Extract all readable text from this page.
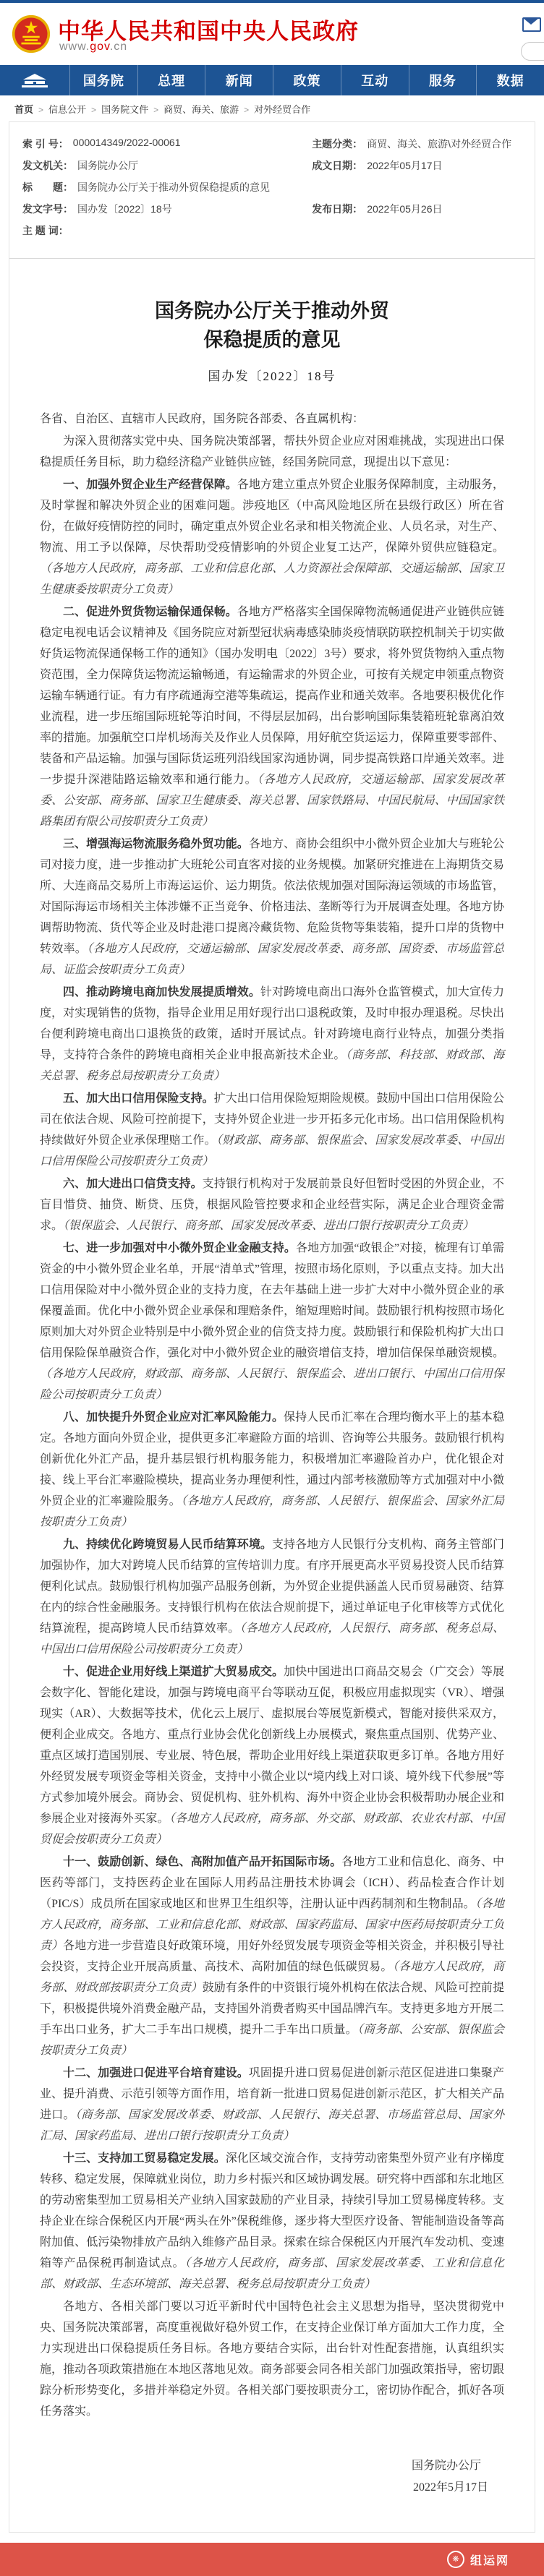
中华人民共和国中央人民政府
www.gov.cn
国务院	总理	新闻	政策	互动	服务	数据
首页 > 信息公开 > 国务院文件 > 商贸、海关、旅游 > 对外经贸合作
索 引 号： 000014349/2022-00061	主题分类： 商贸、海关、旅游\对外经贸合作
发文机关： 国务院办公厅	成文日期： 2022年05月17日
标　　题： 国务院办公厅关于推动外贸保稳提质的意见
发文字号： 国办发〔2022〕18号	发布日期： 2022年05月26日
主 题 词：
国务院办公厅关于推动外贸保稳提质的意见
国办发〔2022〕18号

各省、自治区、直辖市人民政府，国务院各部委、各直属机构：

为深入贯彻落实党中央、国务院决策部署，帮扶外贸企业应对困难挑战，实现进出口保稳提质任务目标，助力稳经济稳产业链供应链，经国务院同意，现提出以下意见：

一、加强外贸企业生产经营保障。各地方建立重点外贸企业服务保障制度，主动服务，及时掌握和解决外贸企业的困难问题。涉疫地区（中高风险地区所在县级行政区）所在省份，在做好疫情防控的同时，确定重点外贸企业名录和相关物流企业、人员名录，对生产、物流、用工予以保障，尽快帮助受疫情影响的外贸企业复工达产，保障外贸供应链稳定。（各地方人民政府，商务部、工业和信息化部、人力资源社会保障部、交通运输部、国家卫生健康委按职责分工负责）

二、促进外贸货物运输保通保畅。各地方严格落实全国保障物流畅通促进产业链供应链稳定电视电话会议精神及《国务院应对新型冠状病毒感染肺炎疫情联防联控机制关于切实做好货运物流保通保畅工作的通知》（国办发明电〔2022〕3号）要求，将外贸货物纳入重点物资范围，全力保障货运物流运输畅通，有运输需求的外贸企业，可按有关规定申领重点物资运输车辆通行证。有力有序疏通海空港等集疏运，提高作业和通关效率。各地要积极优化作业流程，进一步压缩国际班轮等泊时间，不得层层加码，出台影响国际集装箱班轮靠离泊效率的措施。加强航空口岸机场海关及作业人员保障，用好航空货运运力，保障重要零部件、装备和产品运输。加强与国际货运班列沿线国家沟通协调，同步提高铁路口岸通关效率。进一步提升深港陆路运输效率和通行能力。（各地方人民政府，交通运输部、国家发展改革委、公安部、商务部、国家卫生健康委、海关总署、国家铁路局、中国民航局、中国国家铁路集团有限公司按职责分工负责）

三、增强海运物流服务稳外贸功能。各地方、商协会组织中小微外贸企业加大与班轮公司对接力度，进一步推动扩大班轮公司直客对接的业务规模。加紧研究推进在上海期货交易所、大连商品交易所上市海运运价、运力期货。依法依规加强对国际海运领域的市场监管，对国际海运市场相关主体涉嫌不正当竞争、价格违法、垄断等行为开展调查处理。各地方协调帮助物流、货代等企业及时赴港口提离冷藏货物、危险货物等集装箱，提升口岸的货物中转效率。（各地方人民政府，交通运输部、国家发展改革委、商务部、国资委、市场监管总局、证监会按职责分工负责）

四、推动跨境电商加快发展提质增效。针对跨境电商出口海外仓监管模式，加大宣传力度，对实现销售的货物，指导企业用足用好现行出口退税政策，及时申报办理退税。尽快出台便利跨境电商出口退换货的政策，适时开展试点。针对跨境电商行业特点，加强分类指导，支持符合条件的跨境电商相关企业申报高新技术企业。（商务部、科技部、财政部、海关总署、税务总局按职责分工负责）

五、加大出口信用保险支持。扩大出口信用保险短期险规模。鼓励中国出口信用保险公司在依法合规、风险可控前提下，支持外贸企业进一步开拓多元化市场。出口信用保险机构持续做好外贸企业承保理赔工作。（财政部、商务部、银保监会、国家发展改革委、中国出口信用保险公司按职责分工负责）

六、加大进出口信贷支持。支持银行机构对于发展前景良好但暂时受困的外贸企业，不盲目惜贷、抽贷、断贷、压贷，根据风险管控要求和企业经营实际，满足企业合理资金需求。（银保监会、人民银行、商务部、国家发展改革委、进出口银行按职责分工负责）

七、进一步加强对中小微外贸企业金融支持。各地方加强“政银企”对接，梳理有订单需资金的中小微外贸企业名单，开展“清单式”管理，按照市场化原则，予以重点支持。加大出口信用保险对中小微外贸企业的支持力度，在去年基础上进一步扩大对中小微外贸企业的承保覆盖面。优化中小微外贸企业承保和理赔条件，缩短理赔时间。鼓励银行机构按照市场化原则加大对外贸企业特别是中小微外贸企业的信贷支持力度。鼓励银行和保险机构扩大出口信用保险保单融资合作，强化对中小微外贸企业的融资增信支持，增加信保保单融资规模。（各地方人民政府，财政部、商务部、人民银行、银保监会、进出口银行、中国出口信用保险公司按职责分工负责）

八、加快提升外贸企业应对汇率风险能力。保持人民币汇率在合理均衡水平上的基本稳定。各地方面向外贸企业，提供更多汇率避险方面的培训、咨询等公共服务。鼓励银行机构创新优化外汇产品，提升基层银行机构服务能力，积极增加汇率避险首办户，优化银企对接、线上平台汇率避险模块，提高业务办理便利性，通过内部考核激励等方式加强对中小微外贸企业的汇率避险服务。（各地方人民政府，商务部、人民银行、银保监会、国家外汇局按职责分工负责）

九、持续优化跨境贸易人民币结算环境。支持各地方人民银行分支机构、商务主管部门加强协作，加大对跨境人民币结算的宣传培训力度。有序开展更高水平贸易投资人民币结算便利化试点。鼓励银行机构加强产品服务创新，为外贸企业提供涵盖人民币贸易融资、结算在内的综合性金融服务。支持银行机构在依法合规前提下，通过单证电子化审核等方式优化结算流程，提高跨境人民币结算效率。（各地方人民政府，人民银行、商务部、税务总局、中国出口信用保险公司按职责分工负责）

十、促进企业用好线上渠道扩大贸易成交。加快中国进出口商品交易会（广交会）等展会数字化、智能化建设，加强与跨境电商平台等联动互促，积极应用虚拟现实（VR）、增强现实（AR）、大数据等技术，优化云上展厅、虚拟展台等展览新模式，智能对接供采双方，便利企业成交。各地方、重点行业协会优化创新线上办展模式，聚焦重点国别、优势产业、重点区域打造国别展、专业展、特色展，帮助企业用好线上渠道获取更多订单。各地方用好外经贸发展专项资金等相关资金，支持中小微企业以“境内线上对口谈、境外线下代参展”等方式参加境外展会。商协会、贸促机构、驻外机构、海外中资企业协会积极帮助办展企业和参展企业对接海外买家。（各地方人民政府，商务部、外交部、财政部、农业农村部、中国贸促会按职责分工负责）

十一、鼓励创新、绿色、高附加值产品开拓国际市场。各地方工业和信息化、商务、中医药等部门，支持医药企业在国际人用药品注册技术协调会（ICH）、药品检查合作计划（PIC/S）成员所在国家或地区和世界卫生组织等，注册认证中西药制剂和生物制品。（各地方人民政府，商务部、工业和信息化部、财政部、国家药监局、国家中医药局按职责分工负责）各地方进一步营造良好政策环境，用好外经贸发展专项资金等相关资金，并积极引导社会投资，支持企业开展高质量、高技术、高附加值的绿色低碳贸易。（各地方人民政府，商务部、财政部按职责分工负责）鼓励有条件的中资银行境外机构在依法合规、风险可控前提下，积极提供境外消费金融产品，支持国外消费者购买中国品牌汽车。支持更多地方开展二手车出口业务，扩大二手车出口规模，提升二手车出口质量。（商务部、公安部、银保监会按职责分工负责）

十二、加强进口促进平台培育建设。巩固提升进口贸易促进创新示范区促进进口集聚产业、提升消费、示范引领等方面作用，培育新一批进口贸易促进创新示范区，扩大相关产品进口。（商务部、国家发展改革委、财政部、人民银行、海关总署、市场监管总局、国家外汇局、国家药监局、进出口银行按职责分工负责）

十三、支持加工贸易稳定发展。深化区域交流合作，支持劳动密集型外贸产业有序梯度转移、稳定发展，保障就业岗位，助力乡村振兴和区域协调发展。研究将中西部和东北地区的劳动密集型加工贸易相关产业纳入国家鼓励的产业目录，持续引导加工贸易梯度转移。支持企业在综合保税区内开展“两头在外”保税维修，逐步将大型医疗设备、智能制造设备等高附加值、低污染物排放产品纳入维修产品目录。探索在综合保税区内开展汽车发动机、变速箱等产品保税再制造试点。（各地方人民政府，商务部、国家发展改革委、工业和信息化部、财政部、生态环境部、海关总署、税务总局按职责分工负责）

各地方、各相关部门要以习近平新时代中国特色社会主义思想为指导，坚决贯彻党中央、国务院决策部署，高度重视做好稳外贸工作，在支持企业保订单方面加大工作力度，全力实现进出口保稳提质任务目标。各地方要结合实际，出台针对性配套措施，认真组织实施，推动各项政策措施在本地区落地见效。商务部要会同各相关部门加强政策指导，密切跟踪分析形势变化，多措并举稳定外贸。各相关部门要按职责分工，密切协作配合，抓好各项任务落实。

国务院办公厅
2022年5月17日
❋ 组运网
